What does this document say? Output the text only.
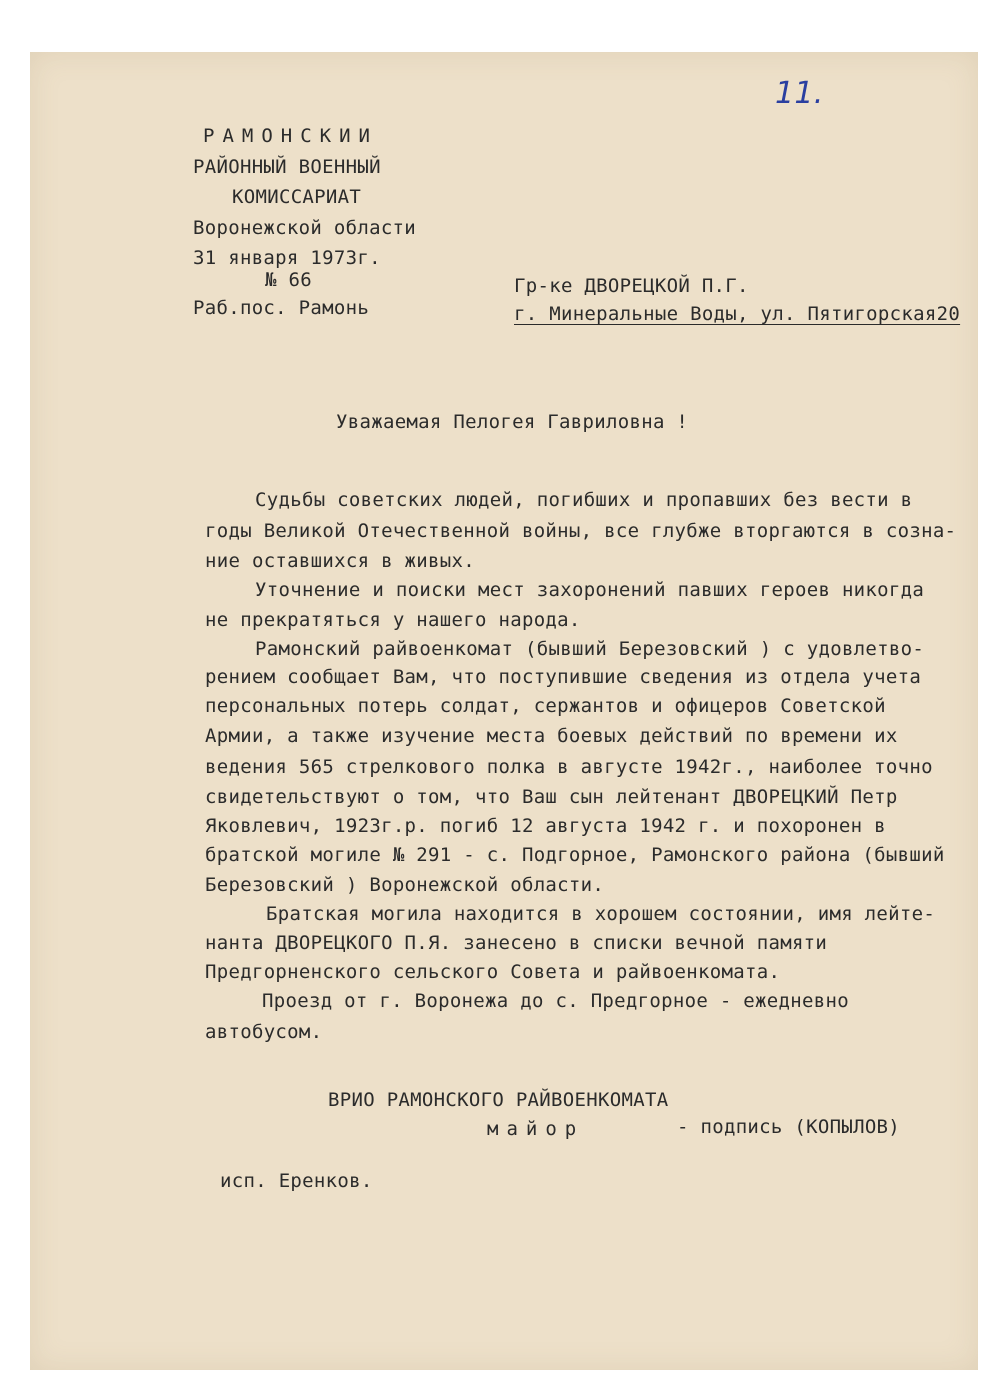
11.
РАМОНСКИИ
РАЙОННЫЙ ВОЕННЫЙ
КОМИССАРИАТ
Воронежской области
31 января 1973г.
№ 66
Раб.пос. Рамонь
Гр-ке ДВОРЕЦКОЙ П.Г.
г. Минеральные Воды, ул. Пятигорская20
Уважаемая Пелогея Гавриловна !
Судьбы советских людей, погибших и пропавших без вести в
годы Великой Отечественной войны, все глубже вторгаются в созна-
ние оставшихся в живых.
Уточнение и поиски мест захоронений павших героев никогда
не прекратяться у нашего народа.
Рамонский райвоенкомат (бывший Березовский ) с удовлетво-
рением сообщает Вам, что поступившие сведения из отдела учета
персональных потерь солдат, сержантов и офицеров Советской
Армии, а также изучение места боевых действий по времени их
ведения 565 стрелкового полка в августе 1942г., наиболее точно
свидетельствуют о том, что Ваш сын лейтенант ДВОРЕЦКИЙ Петр
Яковлевич, 1923г.р. погиб 12 августа 1942 г. и похоронен в
братской могиле № 291 - с. Подгорное, Рамонского района (бывший
Березовский ) Воронежской области.
Братская могила находится в хорошем состоянии, имя лейте-
нанта ДВОРЕЦКОГО П.Я. занесено в списки вечной памяти
Предгорненского сельского Совета и райвоенкомата.
Проезд от г. Воронежа до с. Предгорное - ежедневно
автобусом.
ВРИО РАМОНСКОГО РАЙВОЕНКОМАТА
майор	- подпись (КОПЫЛОВ)
исп. Еренков.
